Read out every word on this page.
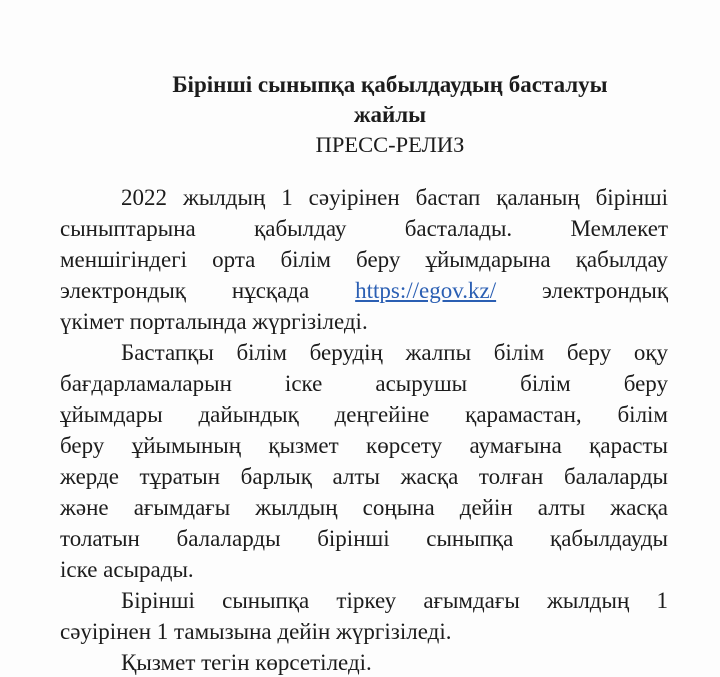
Бірінші сыныпқа қабылдаудың басталуы

жайлы

ПРЕСС-РЕЛИЗ

2022 жылдың 1 сәуірінен бастап қаланың бірінші

сыныптарына қабылдау басталады. Мемлекет

меншігіндегі орта білім беру ұйымдарына қабылдау

электрондық нұсқада https://egov.kz/ электрондық

үкімет порталында жүргізіледі.

Бастапқы білім берудің жалпы білім беру оқу

бағдарламаларын іске асырушы білім беру

ұйымдары дайындық деңгейіне қарамастан, білім

беру ұйымының қызмет көрсету аумағына қарасты

жерде тұратын барлық алты жасқа толған балаларды

және ағымдағы жылдың соңына дейін алты жасқа

толатын балаларды бірінші сыныпқа қабылдауды

іске асырады.

Бірінші сыныпқа тіркеу ағымдағы жылдың 1

сәуірінен 1 тамызына дейін жүргізіледі.

Қызмет тегін көрсетіледі.
